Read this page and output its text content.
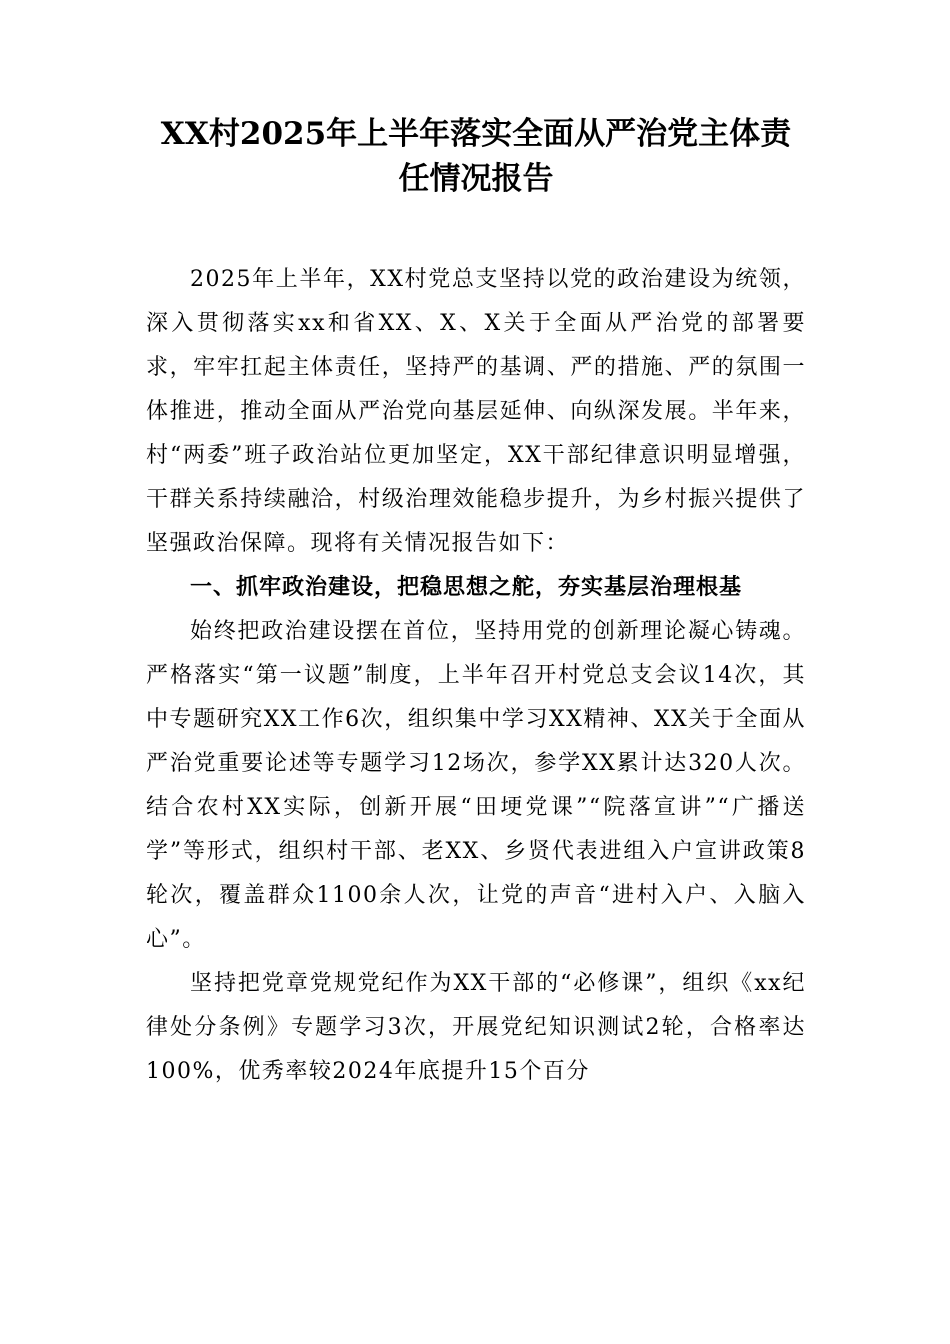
XX村2025年上半年落实全面从严治党主体责任情况报告

2025年上半年，XX村党总支坚持以党的政治建设为统领，深入贯彻落实xx和省XX、X、X关于全面从严治党的部署要求，牢牢扛起主体责任，坚持严的基调、严的措施、严的氛围一体推进，推动全面从严治党向基层延伸、向纵深发展。半年来，村“两委”班子政治站位更加坚定，XX干部纪律意识明显增强，干群关系持续融洽，村级治理效能稳步提升，为乡村振兴提供了坚强政治保障。现将有关情况报告如下：

一、抓牢政治建设，把稳思想之舵，夯实基层治理根基

始终把政治建设摆在首位，坚持用党的创新理论凝心铸魂。严格落实“第一议题”制度，上半年召开村党总支会议14次，其中专题研究XX工作6次，组织集中学习XX精神、XX关于全面从严治党重要论述等专题学习12场次，参学XX累计达320人次。结合农村XX实际，创新开展“田埂党课”“院落宣讲”“广播送学”等形式，组织村干部、老XX、乡贤代表进组入户宣讲政策8轮次，覆盖群众1100余人次，让党的声音“进村入户、入脑入心”。

坚持把党章党规党纪作为XX干部的“必修课”，组织《xx纪律处分条例》专题学习3次，开展党纪知识测试2轮，合格率达100%，优秀率较2024年底提升15个百分
